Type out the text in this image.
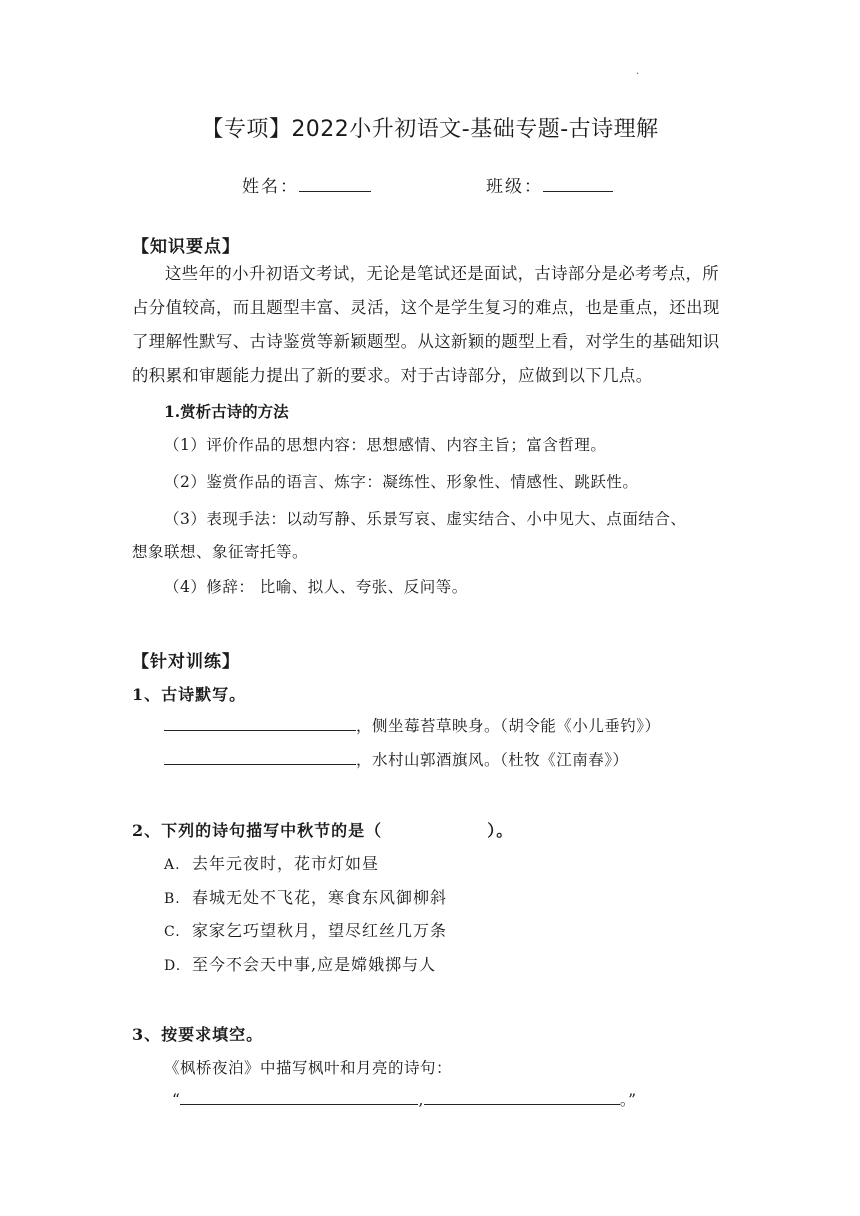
.
【专项】2022小升初语文-基础专题-古诗理解
姓名：	班级：
【知识要点】

这些年的小升初语文考试，无论是笔试还是面试，古诗部分是必考考点，所占分值较高，而且题型丰富、灵活，这个是学生复习的难点，也是重点，还出现了理解性默写、古诗鉴赏等新颖题型。从这新颖的题型上看，对学生的基础知识的积累和审题能力提出了新的要求。对于古诗部分，应做到以下几点。

1.赏析古诗的方法
（1）评价作品的思想内容：思想感情、内容主旨；富含哲理。
（2）鉴赏作品的语言、炼字：凝练性、形象性、情感性、跳跃性。
（3）表现手法：以动写静、乐景写哀、虚实结合、小中见大、点面结合、
想象联想、象征寄托等。
（4）修辞： 比喻、拟人、夸张、反问等。
【针对训练】
1、古诗默写。
，侧坐莓苔草映身。（胡令能《小儿垂钓》）
，水村山郭酒旗风。（杜牧《江南春》）
2、下列的诗句描写中秋节的是（                ）。
A. 去年元夜时，花市灯如昼
B. 春城无处不飞花，寒食东风御柳斜
C. 家家乞巧望秋月，望尽红丝几万条
D. 至今不会天中事,应是嫦娥掷与人
3、按要求填空。
《枫桥夜泊》中描写枫叶和月亮的诗句：
“	,	。”
